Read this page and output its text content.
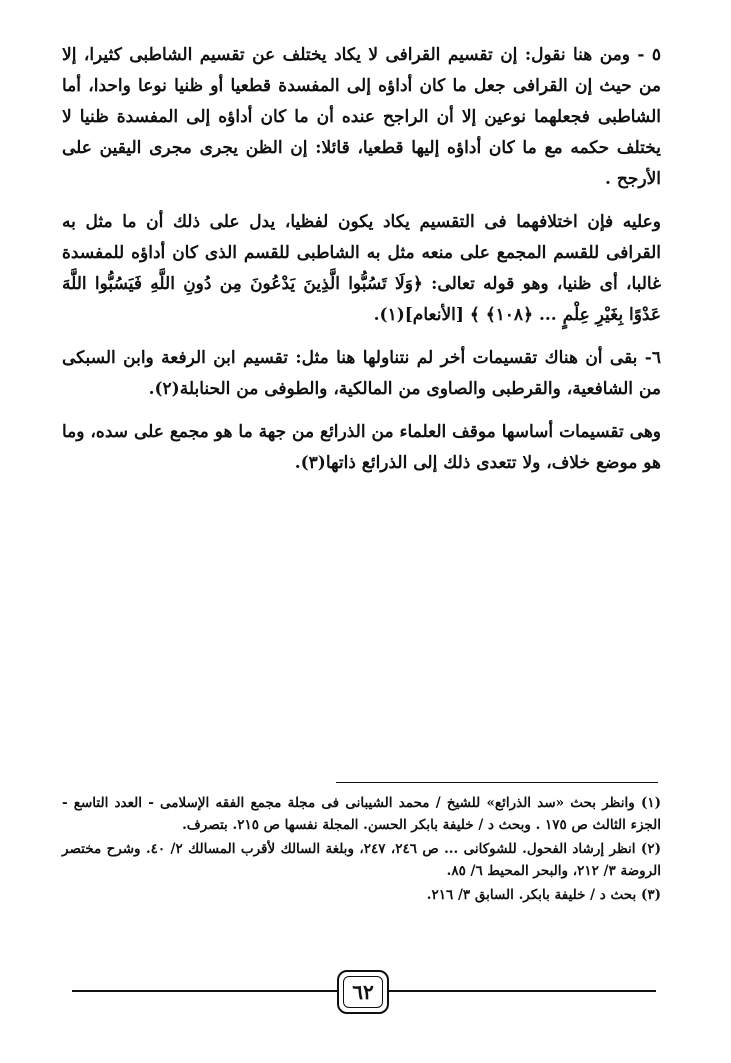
٥ - ومن هنا نقول: إن تقسيم القرافى لا يكاد يختلف عن تقسيم الشاطبى كثيرا، إلا من حيث إن القرافى جعل ما كان أداؤه إلى المفسدة قطعيا أو ظنيا نوعا واحدا، أما الشاطبى فجعلهما نوعين إلا أن الراجح عنده أن ما كان أداؤه إلى المفسدة ظنيا لا يختلف حكمه مع ما كان أداؤه إليها قطعيا، قائلا: إن الظن يجرى مجرى اليقين على الأرجح .

وعليه فإن اختلافهما فى التقسيم يكاد يكون لفظيا، يدل على ذلك أن ما مثل به القرافى للقسم المجمع على منعه مثل به الشاطبى للقسم الذى كان أداؤه للمفسدة غالبا، أى ظنيا، وهو قوله تعالى: ﴿وَلَا تَسُبُّوا الَّذِينَ يَدْعُونَ مِن دُونِ اللَّهِ فَيَسُبُّوا اللَّهَ عَدْوًا بِغَيْرِ عِلْمٍ ... ﴿١٠٨﴾ ﴾ [الأنعام](١).

٦- بقى أن هناك تقسيمات أخر لم نتناولها هنا مثل: تقسيم ابن الرفعة وابن السبكى من الشافعية، والقرطبى والصاوى من المالكية، والطوفى من الحنابلة(٢).

وهى تقسيمات أساسها موقف العلماء من الذرائع من جهة ما هو مجمع على سده، وما هو موضع خلاف، ولا تتعدى ذلك إلى الذرائع ذاتها(٣).

(١) وانظر بحث «سد الذرائع» للشيخ / محمد الشيبانى فى مجلة مجمع الفقه الإسلامى - العدد التاسع - الجزء الثالث ص ١٧٥ . وبحث د / خليفة بابكر الحسن. المجلة نفسها ص ٢١٥. بتصرف.

(٢) انظر إرشاد الفحول. للشوكانى ... ص ٢٤٦، ٢٤٧، وبلغة السالك لأقرب المسالك ٢/ ٤٠. وشرح مختصر الروضة ٣/ ٢١٢، والبحر المحيط ٦/ ٨٥.

(٣) بحث د / خليفة بابكر. السابق ٣/ ٢١٦.

٦٢
